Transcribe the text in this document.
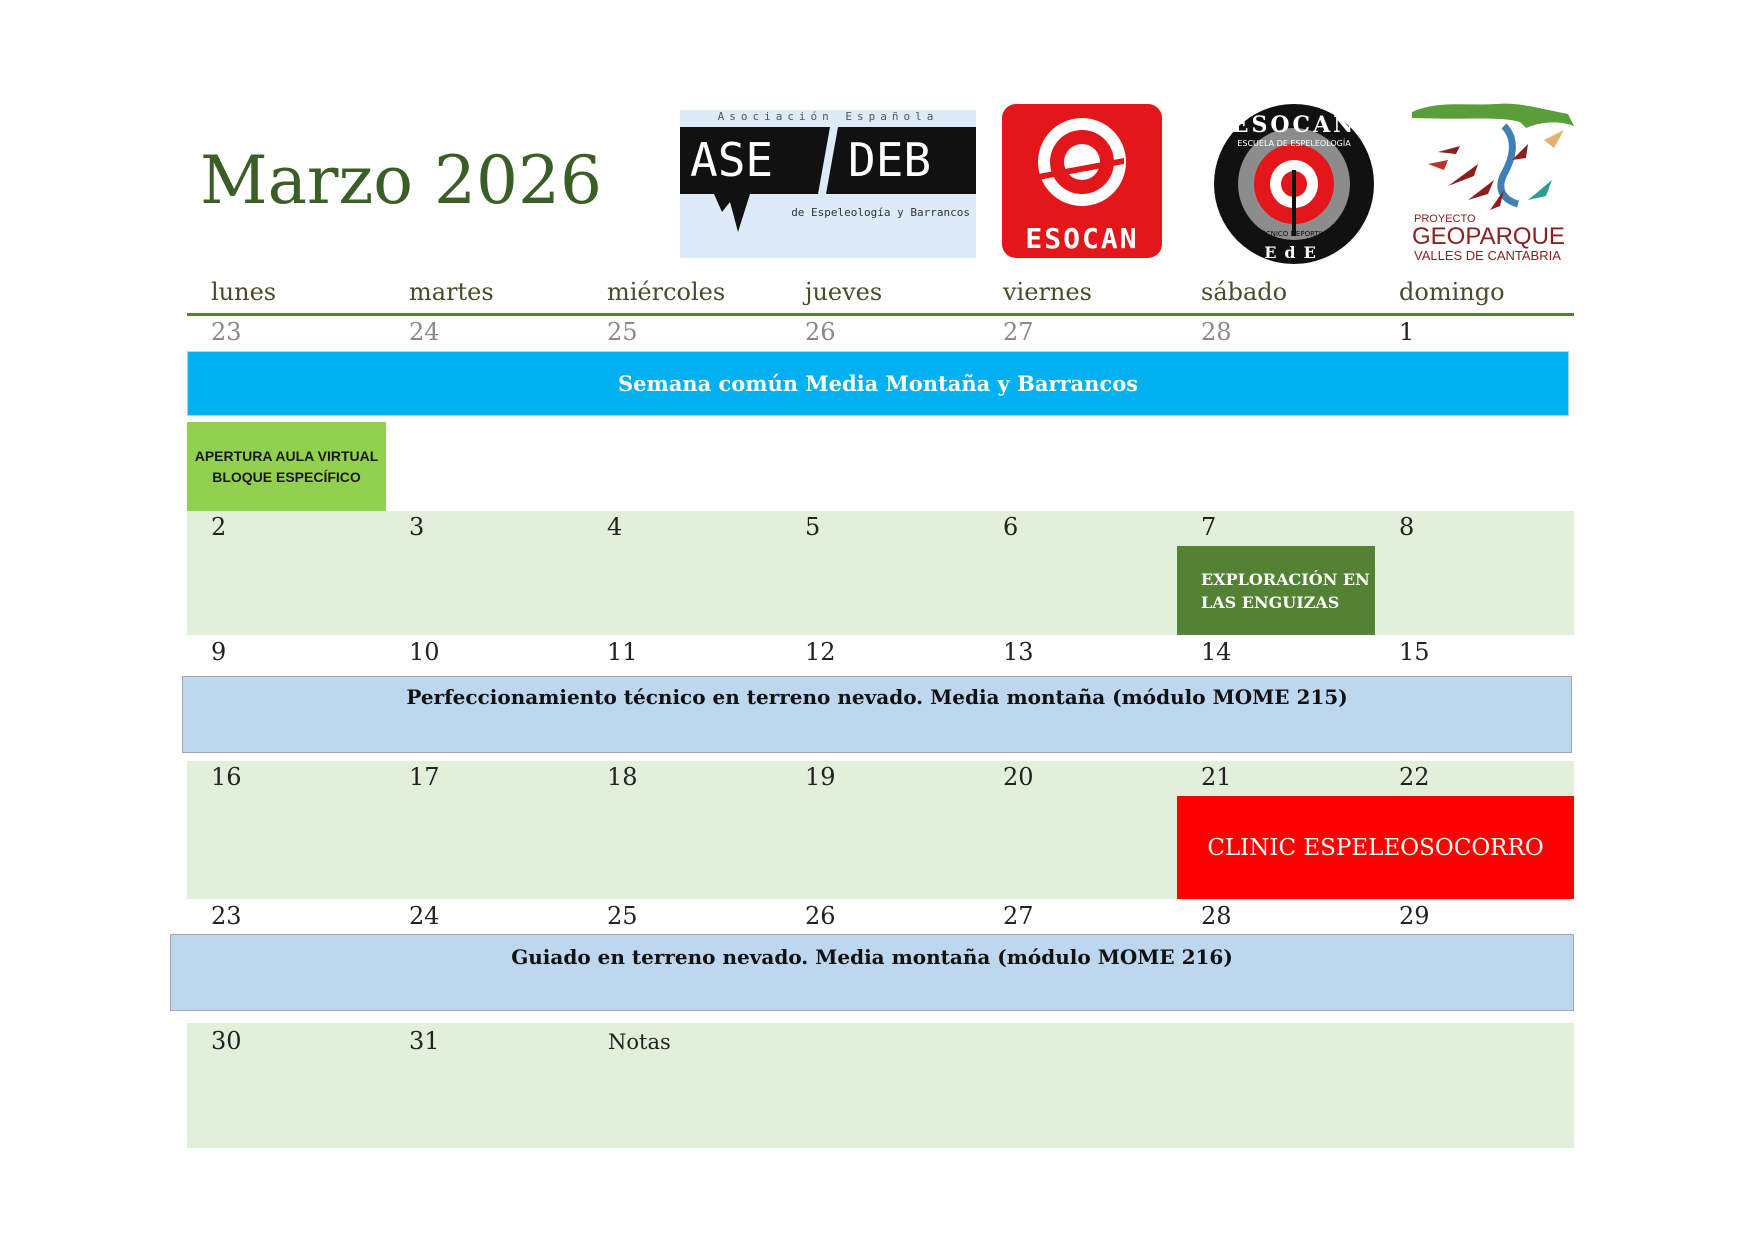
Marzo 2026
Asociación Española
ASE DEB
de Espeleología y Barrancos
ESOCAN
ESOCAN
ESCUELA DE ESPELEOLOGÍA
TÉCNICO DEPORTIVO
EdE
PROYECTO
GEOPARQUE
VALLES DE CANTABRIA
lunes	martes	miércoles	jueves	viernes	sábado	domingo
23	24	25	26	27	28	1
Semana común Media Montaña y Barrancos
APERTURA AULA VIRTUAL
BLOQUE ESPECÍFICO
2	3	4	5	6	7	8
EXPLORACIÓN EN
LAS ENGUIZAS
9	10	11	12	13	14	15
Perfeccionamiento técnico en terreno nevado. Media montaña (módulo MOME 215)
16	17	18	19	20	21	22
CLINIC ESPELEOSOCORRO
23	24	25	26	27	28	29
Guiado en terreno nevado. Media montaña (módulo MOME 216)
30	31	Notas
